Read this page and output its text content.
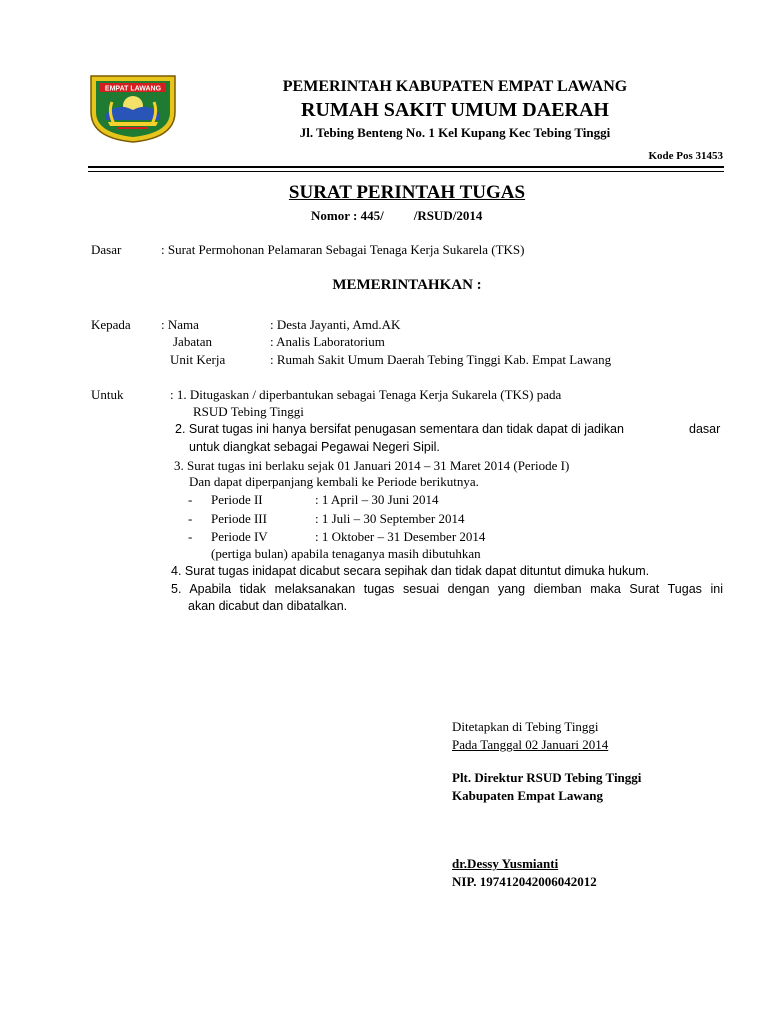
EMPAT LAWANG	PEMERINTAH KABUPATEN EMPAT LAWANG
RUMAH SAKIT UMUM DAERAH
Jl. Tebing Benteng No. 1 Kel Kupang Kec Tebing Tinggi
Kode Pos 31453
SURAT PERINTAH TUGAS
Nomor : 445/ /RSUD/2014
Dasar	: Surat Permohonan Pelamaran Sebagai Tenaga Kerja Sukarela (TKS)
MEMERINTAHKAN :
Kepada : Nama	: Desta Jayanti, Amd.AK
Jabatan	: Analis Laboratorium
Unit Kerja	: Rumah Sakit Umum Daerah Tebing Tinggi Kab. Empat Lawang
Untuk	: 1. Ditugaskan / diperbantukan sebagai Tenaga Kerja Sukarela (TKS) pada
RSUD Tebing Tinggi
2. Surat tugas ini hanya bersifat penugasan sementara dan tidak dapat di jadikan	dasar
untuk diangkat sebagai Pegawai Negeri Sipil.
3. Surat tugas ini berlaku sejak 01 Januari 2014 – 31 Maret 2014 (Periode I)
Dan dapat diperpanjang kembali ke Periode berikutnya.
- Periode II	: 1 April – 30 Juni 2014
- Periode III	: 1 Juli – 30 September 2014
- Periode IV	: 1 Oktober – 31 Desember 2014
(pertiga bulan) apabila tenaganya masih dibutuhkan
4. Surat tugas inidapat dicabut secara sepihak dan tidak dapat dituntut dimuka hukum.
5. Apabila tidak melaksanakan tugas sesuai dengan yang diemban maka Surat Tugas ini
akan dicabut dan dibatalkan.
Ditetapkan di Tebing Tinggi
Pada Tanggal 02 Januari 2014
Plt. Direktur RSUD Tebing Tinggi
Kabupaten Empat Lawang
dr.Dessy Yusmianti
NIP. 197412042006042012
